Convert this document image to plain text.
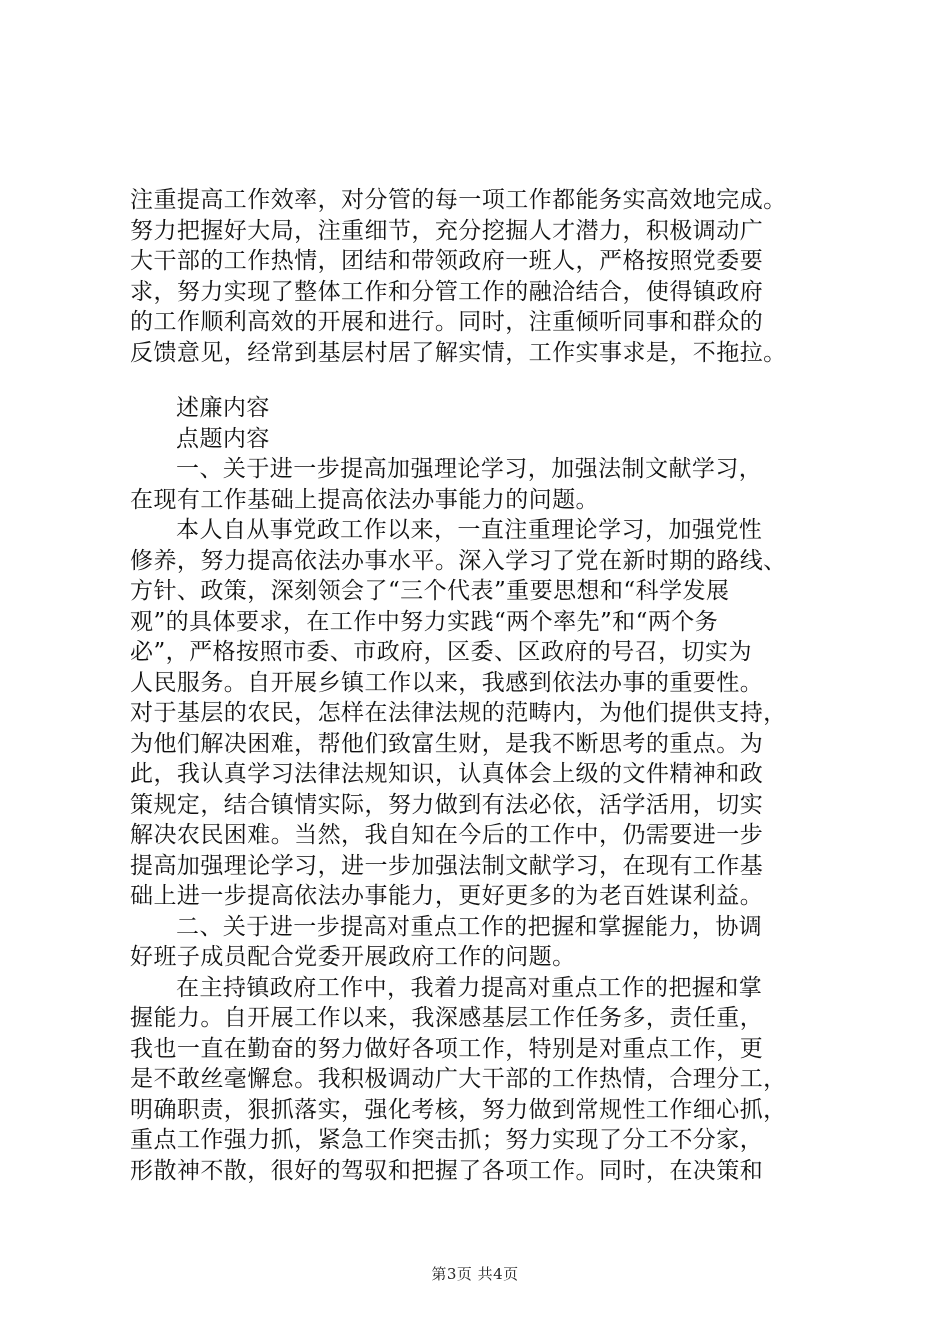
注重提高工作效率，对分管的每一项工作都能务实高效地完成。
努力把握好大局，注重细节，充分挖掘人才潜力，积极调动广
大干部的工作热情，团结和带领政府一班人，严格按照党委要
求，努力实现了整体工作和分管工作的融洽结合，使得镇政府
的工作顺利高效的开展和进行。同时，注重倾听同事和群众的
反馈意见，经常到基层村居了解实情，工作实事求是，不拖拉。
述廉内容
点题内容
一、关于进一步提高加强理论学习，加强法制文献学习，
在现有工作基础上提高依法办事能力的问题。
本人自从事党政工作以来，一直注重理论学习，加强党性
修养，努力提高依法办事水平。深入学习了党在新时期的路线、
方针、政策，深刻领会了“三个代表”重要思想和“科学发展
观”的具体要求，在工作中努力实践“两个率先”和“两个务
必”，严格按照市委、市政府，区委、区政府的号召，切实为
人民服务。自开展乡镇工作以来，我感到依法办事的重要性。
对于基层的农民，怎样在法律法规的范畴内，为他们提供支持，
为他们解决困难，帮他们致富生财，是我不断思考的重点。为
此，我认真学习法律法规知识，认真体会上级的文件精神和政
策规定，结合镇情实际，努力做到有法必依，活学活用，切实
解决农民困难。当然，我自知在今后的工作中，仍需要进一步
提高加强理论学习，进一步加强法制文献学习，在现有工作基
础上进一步提高依法办事能力，更好更多的为老百姓谋利益。
二、关于进一步提高对重点工作的把握和掌握能力，协调
好班子成员配合党委开展政府工作的问题。
在主持镇政府工作中，我着力提高对重点工作的把握和掌
握能力。自开展工作以来，我深感基层工作任务多，责任重，
我也一直在勤奋的努力做好各项工作，特别是对重点工作，更
是不敢丝毫懈怠。我积极调动广大干部的工作热情，合理分工，
明确职责，狠抓落实，强化考核，努力做到常规性工作细心抓，
重点工作强力抓，紧急工作突击抓；努力实现了分工不分家，
形散神不散，很好的驾驭和把握了各项工作。同时，在决策和
第3页 共4页
